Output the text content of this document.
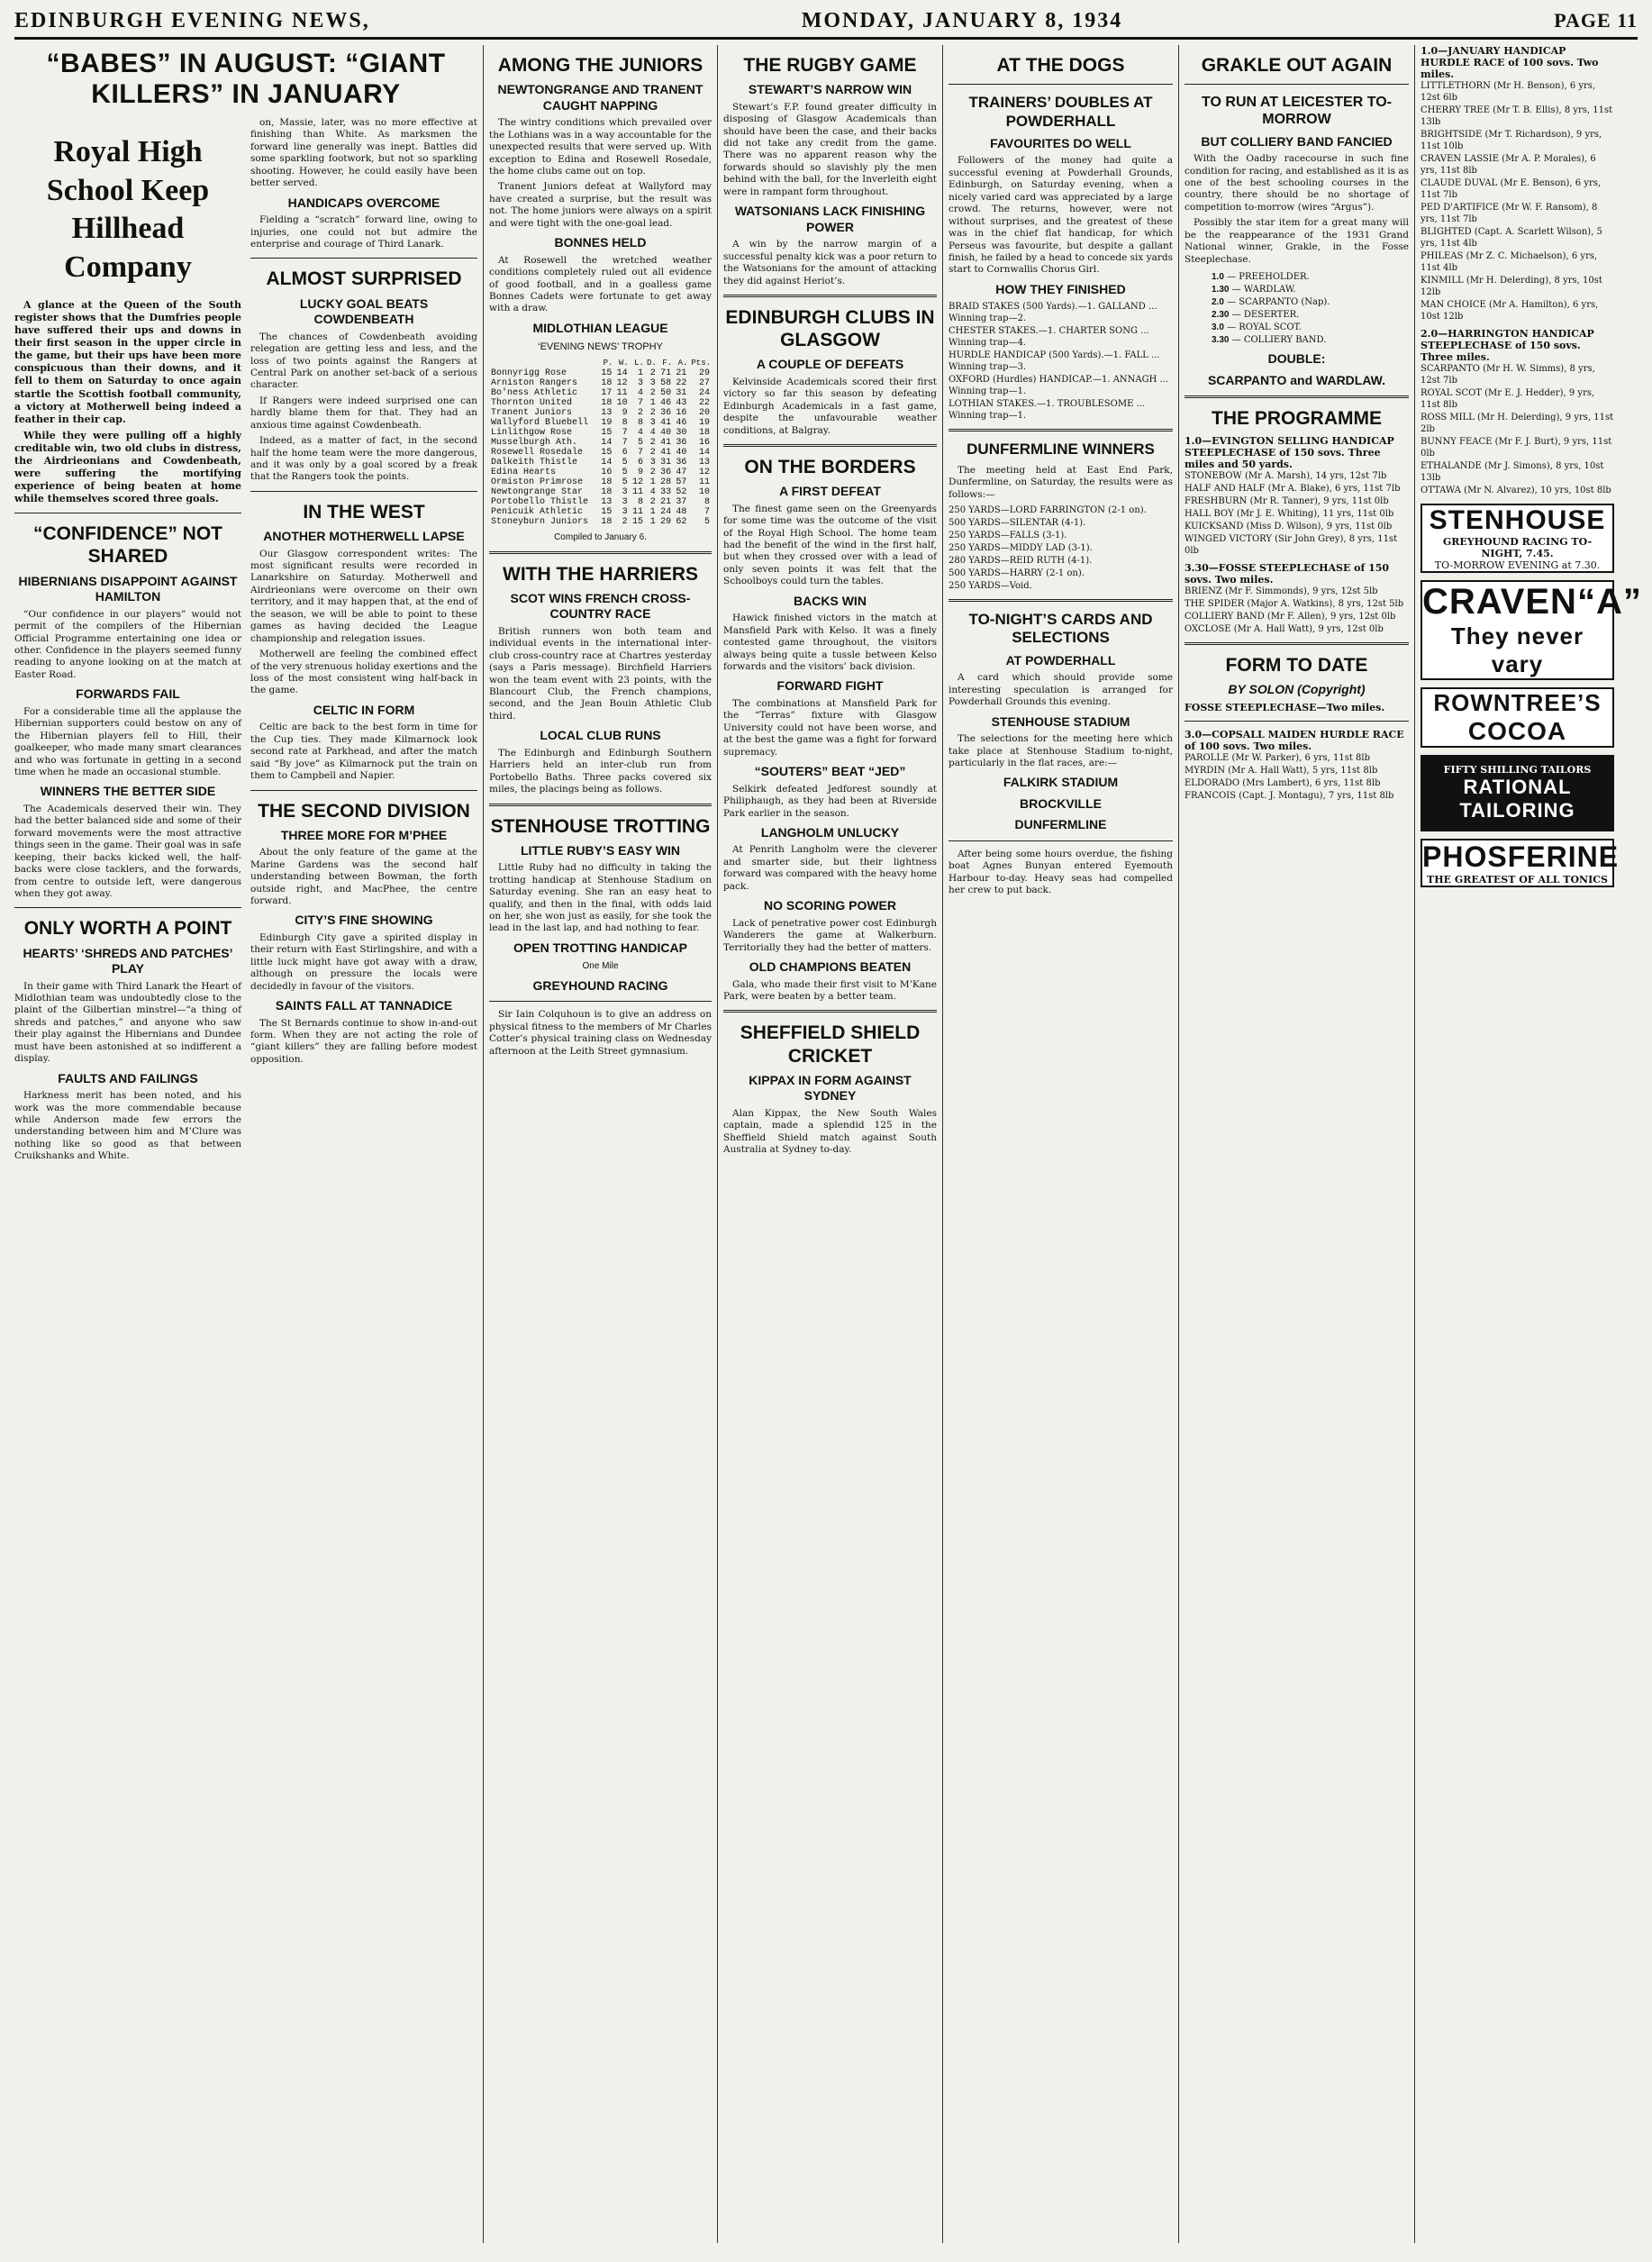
EDINBURGH EVENING NEWS,	MONDAY, JANUARY 8, 1934	PAGE 11
“BABES” IN AUGUST: “GIANT KILLERS” IN JANUARY
Royal High School Keep Hillhead Company

A glance at the Queen of the South register shows that the Dumfries people have suffered their ups and downs in their first season in the upper circle in the game, but their ups have been more conspicuous than their downs, and it fell to them on Saturday to once again startle the Scottish football community, a victory at Motherwell being indeed a feather in their cap.

While they were pulling off a highly creditable win, two old clubs in distress, the Airdrieonians and Cowdenbeath, were suffering the mortifying experience of being beaten at home while themselves scored three goals.

“CONFIDENCE” NOT SHARED
HIBERNIANS DISAPPOINT AGAINST HAMILTON

“Our confidence in our players” would not permit of the compilers of the Hibernian Official Programme entertaining one idea or other. Confidence in the players seemed funny reading to anyone looking on at the match at Easter Road.

FORWARDS FAIL

For a considerable time all the applause the Hibernian supporters could bestow on any of the Hibernian players fell to Hill, their goalkeeper, who made many smart clearances and who was fortunate in getting in a second time when he made an occasional stumble.

WINNERS THE BETTER SIDE

The Academicals deserved their win. They had the better balanced side and some of their forward movements were the most attractive things seen in the game. Their goal was in safe keeping, their backs kicked well, the half-backs were close tacklers, and the forwards, from centre to outside left, were dangerous when they got away.

ONLY WORTH A POINT
HEARTS’ ‘SHREDS AND PATCHES’ PLAY

In their game with Third Lanark the Heart of Midlothian team was undoubtedly close to the plaint of the Gilbertian minstrel—“a thing of shreds and patches,” and anyone who saw their play against the Hibernians and Dundee must have been astonished at so indifferent a display.

FAULTS AND FAILINGS

Harkness merit has been noted, and his work was the more commendable because while Anderson made few errors the understanding between him and M’Clure was nothing like so good as that between Cruikshanks and White.

on, Massie, later, was no more effective at finishing than White. As marksmen the forward line generally was inept. Battles did some sparkling footwork, but not so sparkling shooting. However, he could easily have been better served.

HANDICAPS OVERCOME

Fielding a “scratch” forward line, owing to injuries, one could not but admire the enterprise and courage of Third Lanark.

ALMOST SURPRISED
LUCKY GOAL BEATS COWDENBEATH

The chances of Cowdenbeath avoiding relegation are getting less and less, and the loss of two points against the Rangers at Central Park on another set-back of a serious character.

If Rangers were indeed surprised one can hardly blame them for that. They had an anxious time against Cowdenbeath.

Indeed, as a matter of fact, in the second half the home team were the more dangerous, and it was only by a goal scored by a freak that the Rangers took the points.

IN THE WEST
ANOTHER MOTHERWELL LAPSE

Our Glasgow correspondent writes: The most significant results were recorded in Lanarkshire on Saturday. Motherwell and Airdrieonians were overcome on their own territory, and it may happen that, at the end of the season, we will be able to point to these games as having decided the League championship and relegation issues.

Motherwell are feeling the combined effect of the very strenuous holiday exertions and the loss of the most consistent wing half-back in the game.

CELTIC IN FORM

Celtic are back to the best form in time for the Cup ties. They made Kilmarnock look second rate at Parkhead, and after the match said “By jove” as Kilmarnock put the train on them to Campbell and Napier.

THE SECOND DIVISION
THREE MORE FOR M’PHEE

About the only feature of the game at the Marine Gardens was the second half understanding between Bowman, the forth outside right, and MacPhee, the centre forward.

CITY’S FINE SHOWING

Edinburgh City gave a spirited display in their return with East Stirlingshire, and with a little luck might have got away with a draw, although on pressure the locals were decidedly in favour of the visitors.

SAINTS FALL AT TANNADICE

The St Bernards continue to show in-and-out form. When they are not acting the role of “giant killers” they are falling before modest opposition.

AMONG THE JUNIORS
NEWTONGRANGE AND TRANENT CAUGHT NAPPING

The wintry conditions which prevailed over the Lothians was in a way accountable for the unexpected results that were served up. With exception to Edina and Rosewell Rosedale, the home clubs came out on top.

Tranent Juniors defeat at Wallyford may have created a surprise, but the result was not. The home juniors were always on a spirit and were tight with the one-goal lead.

BONNES HELD

At Rosewell the wretched weather conditions completely ruled out all evidence of good football, and in a goalless game Bonnes Cadets were fortunate to get away with a draw.

MIDLOTHIAN LEAGUE
‘EVENING NEWS’ TROPHY
	P.	W.	L.	D.	F.	A.	Pts.
Bonnyrigg Rose	15	14	1	2	71	21	29
Arniston Rangers	18	12	3	3	58	22	27
Bo'ness Athletic	17	11	4	2	50	31	24
Thornton United	18	10	7	1	46	43	22
Tranent Juniors	13	9	2	2	36	16	20
Wallyford Bluebell	19	8	8	3	41	46	19
Linlithgow Rose	15	7	4	4	40	30	18
Musselburgh Ath.	14	7	5	2	41	36	16
Rosewell Rosedale	15	6	7	2	41	40	14
Dalkeith Thistle	14	5	6	3	31	36	13
Edina Hearts	16	5	9	2	36	47	12
Ormiston Primrose	18	5	12	1	28	57	11
Newtongrange Star	18	3	11	4	33	52	10
Portobello Thistle	13	3	8	2	21	37	8
Penicuik Athletic	15	3	11	1	24	48	7
Stoneyburn Juniors	18	2	15	1	29	62	5
Compiled to January 6.
WITH THE HARRIERS
SCOT WINS FRENCH CROSS-COUNTRY RACE

British runners won both team and individual events in the international inter-club cross-country race at Chartres yesterday (says a Paris message). Birchfield Harriers won the team event with 23 points, with the Blancourt Club, the French champions, second, and the Jean Bouin Athletic Club third.

LOCAL CLUB RUNS

The Edinburgh and Edinburgh Southern Harriers held an inter-club run from Portobello Baths. Three packs covered six miles, the placings being as follows.

STENHOUSE TROTTING
LITTLE RUBY’S EASY WIN

Little Ruby had no difficulty in taking the trotting handicap at Stenhouse Stadium on Saturday evening. She ran an easy heat to qualify, and then in the final, with odds laid on her, she won just as easily, for she took the lead in the last lap, and had nothing to fear.

OPEN TROTTING HANDICAP
One Mile
GREYHOUND RACING

Sir Iain Colquhoun is to give an address on physical fitness to the members of Mr Charles Cotter’s physical training class on Wednesday afternoon at the Leith Street gymnasium.

THE RUGBY GAME
STEWART’S NARROW WIN

Stewart’s F.P. found greater difficulty in disposing of Glasgow Academicals than should have been the case, and their backs did not take any credit from the game. There was no apparent reason why the forwards should so slavishly ply the men behind with the ball, for the Inverleith eight were in rampant form throughout.

WATSONIANS LACK FINISHING POWER

A win by the narrow margin of a successful penalty kick was a poor return to the Watsonians for the amount of attacking they did against Heriot’s.

EDINBURGH CLUBS IN GLASGOW
A COUPLE OF DEFEATS

Kelvinside Academicals scored their first victory so far this season by defeating Edinburgh Academicals in a fast game, despite the unfavourable weather conditions, at Balgray.

ON THE BORDERS
A FIRST DEFEAT

The finest game seen on the Greenyards for some time was the outcome of the visit of the Royal High School. The home team had the benefit of the wind in the first half, but when they crossed over with a lead of only seven points it was felt that the Schoolboys could turn the tables.

BACKS WIN

Hawick finished victors in the match at Mansfield Park with Kelso. It was a finely contested game throughout, the visitors always being quite a tussle between Kelso forwards and the visitors’ back division.

FORWARD FIGHT

The combinations at Mansfield Park for the “Terras” fixture with Glasgow University could not have been worse, and at the best the game was a fight for forward supremacy.

“SOUTERS” BEAT “JED”

Selkirk defeated Jedforest soundly at Philiphaugh, as they had been at Riverside Park earlier in the season.

LANGHOLM UNLUCKY

At Penrith Langholm were the cleverer and smarter side, but their lightness forward was compared with the heavy home pack.

NO SCORING POWER

Lack of penetrative power cost Edinburgh Wanderers the game at Walkerburn. Territorially they had the better of matters.

OLD CHAMPIONS BEATEN

Gala, who made their first visit to M’Kane Park, were beaten by a better team.

SHEFFIELD SHIELD CRICKET
KIPPAX IN FORM AGAINST SYDNEY

Alan Kippax, the New South Wales captain, made a splendid 125 in the Sheffield Shield match against South Australia at Sydney to-day.

AT THE DOGS
TRAINERS’ DOUBLES AT POWDERHALL
FAVOURITES DO WELL

Followers of the money had quite a successful evening at Powderhall Grounds, Edinburgh, on Saturday evening, when a nicely varied card was appreciated by a large crowd. The returns, however, were not without surprises, and the greatest of these was in the chief flat handicap, for which Perseus was favourite, but despite a gallant finish, he failed by a head to concede six yards start to Cornwallis Chorus Girl.

HOW THEY FINISHED
BRAID STAKES (500 Yards).—1. GALLAND ... Winning trap—2.
CHESTER STAKES.—1. CHARTER SONG ... Winning trap—4.
HURDLE HANDICAP (500 Yards).—1. FALL ... Winning trap—3.
OXFORD (Hurdles) HANDICAP.—1. ANNAGH ... Winning trap—1.
LOTHIAN STAKES.—1. TROUBLESOME ... Winning trap—1.
DUNFERMLINE WINNERS

The meeting held at East End Park, Dunfermline, on Saturday, the results were as follows:—

250 YARDS—LORD FARRINGTON (2-1 on).
500 YARDS—SILENTAR (4-1).
250 YARDS—FALLS (3-1).
250 YARDS—MIDDY LAD (3-1).
280 YARDS—REID RUTH (4-1).
500 YARDS—HARRY (2-1 on).
250 YARDS—Void.
TO-NIGHT’S CARDS AND SELECTIONS
AT POWDERHALL

A card which should provide some interesting speculation is arranged for Powderhall Grounds this evening.

STENHOUSE STADIUM

The selections for the meeting here which take place at Stenhouse Stadium to-night, particularly in the flat races, are:—

FALKIRK STADIUM
BROCKVILLE
DUNFERMLINE

After being some hours overdue, the fishing boat Agnes Bunyan entered Eyemouth Harbour to-day. Heavy seas had compelled her crew to put back.

GRAKLE OUT AGAIN
TO RUN AT LEICESTER TO-MORROW
BUT COLLIERY BAND FANCIED

With the Oadby racecourse in such fine condition for racing, and established as it is as one of the best schooling courses in the country, there should be no shortage of competition to-morrow (wires “Argus”).

Possibly the star item for a great many will be the reappearance of the 1931 Grand National winner, Grakle, in the Fosse Steeplechase.

1.0 — PREEHOLDER.
1.30 — WARDLAW.
2.0 — SCARPANTO (Nap).
2.30 — DESERTER.
3.0 — ROYAL SCOT.
3.30 — COLLIERY BAND.
DOUBLE:
SCARPANTO and WARDLAW.
THE PROGRAMME
1.0—EVINGTON SELLING HANDICAP STEEPLECHASE of 150 sovs. Three miles and 50 yards.
STONEBOW (Mr A. Marsh), 14 yrs, 12st 7lb
HALF AND HALF (Mr A. Blake), 6 yrs, 11st 7lb
FRESHBURN (Mr R. Tanner), 9 yrs, 11st 0lb
HALL BOY (Mr J. E. Whiting), 11 yrs, 11st 0lb
KUICKSAND (Miss D. Wilson), 9 yrs, 11st 0lb
WINGED VICTORY (Sir John Grey), 8 yrs, 11st 0lb
3.30—FOSSE STEEPLECHASE of 150 sovs. Two miles.
BRIENZ (Mr F. Simmonds), 9 yrs, 12st 5lb
THE SPIDER (Major A. Watkins), 8 yrs, 12st 5lb
COLLIERY BAND (Mr F. Allen), 9 yrs, 12st 0lb
OXCLOSE (Mr A. Hall Watt), 9 yrs, 12st 0lb
FORM TO DATE
BY SOLON (Copyright)
FOSSE STEEPLECHASE—Two miles.
3.0—COPSALL MAIDEN HURDLE RACE of 100 sovs. Two miles.
PAROLLE (Mr W. Parker), 6 yrs, 11st 8lb
MYRDIN (Mr A. Hall Watt), 5 yrs, 11st 8lb
ELDORADO (Mrs Lambert), 6 yrs, 11st 8lb
FRANCOIS (Capt. J. Montagu), 7 yrs, 11st 8lb
1.0—JANUARY HANDICAP HURDLE RACE of 100 sovs. Two miles.
LITTLETHORN (Mr H. Benson), 6 yrs, 12st 6lb
CHERRY TREE (Mr T. B. Ellis), 8 yrs, 11st 13lb
BRIGHTSIDE (Mr T. Richardson), 9 yrs, 11st 10lb
CRAVEN LASSIE (Mr A. P. Morales), 6 yrs, 11st 8lb
CLAUDE DUVAL (Mr E. Benson), 6 yrs, 11st 7lb
PED D'ARTIFICE (Mr W. F. Ransom), 8 yrs, 11st 7lb
BLIGHTED (Capt. A. Scarlett Wilson), 5 yrs, 11st 4lb
PHILEAS (Mr Z. C. Michaelson), 6 yrs, 11st 4lb
KINMILL (Mr H. Delerding), 8 yrs, 10st 12lb
MAN CHOICE (Mr A. Hamilton), 6 yrs, 10st 12lb
2.0—HARRINGTON HANDICAP STEEPLECHASE of 150 sovs. Three miles.
SCARPANTO (Mr H. W. Simms), 8 yrs, 12st 7lb
ROYAL SCOT (Mr E. J. Hedder), 9 yrs, 11st 8lb
ROSS MILL (Mr H. Delerding), 9 yrs, 11st 2lb
BUNNY FEACE (Mr F. J. Burt), 9 yrs, 11st 0lb
ETHALANDE (Mr J. Simons), 8 yrs, 10st 13lb
OTTAWA (Mr N. Alvarez), 10 yrs, 10st 8lb
STENHOUSE
GREYHOUND RACING TO-NIGHT, 7.45.
TO-MORROW EVENING at 7.30.
CRAVEN“A”
They never vary
ROWNTREE’S
COCOA
FIFTY SHILLING TAILORS
RATIONAL TAILORING
PHOSFERINE
THE GREATEST OF ALL TONICS
